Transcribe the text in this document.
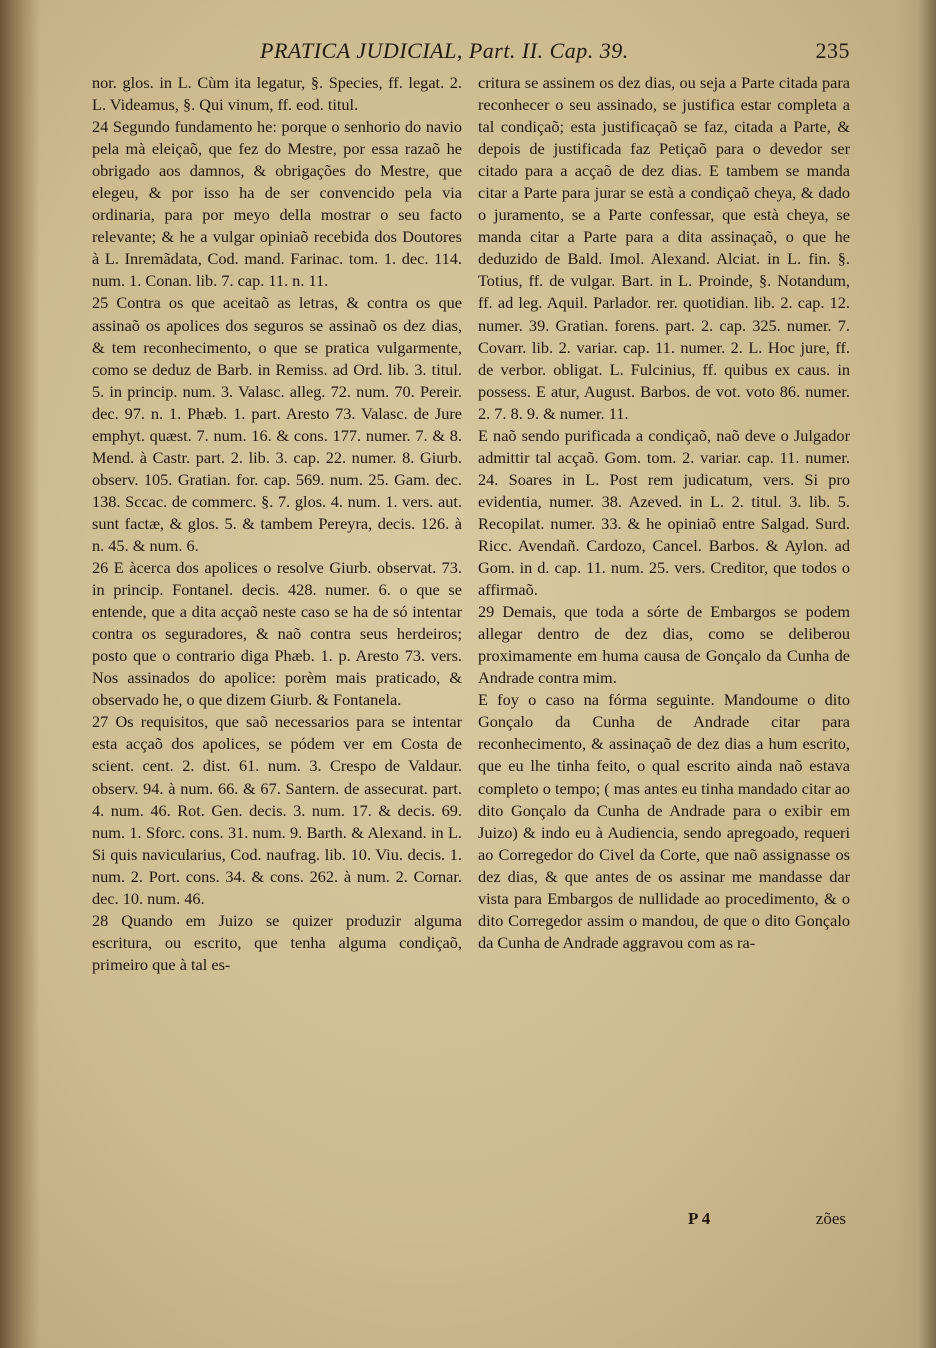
PRATICA JUDICIAL, Part. II. Cap. 39.	235

nor. glos. in L. Cùm ita legatur, §. Species, ff. legat. 2. L. Videamus, §. Qui vinum, ff. eod. titul.

24 Segundo fundamento he: porque o senhorio do navio pela mà eleiçaõ, que fez do Mestre, por essa razaõ he obrigado aos damnos, & obrigações do Mestre, que elegeu, & por isso ha de ser convencido pela via ordinaria, para por meyo della mostrar o seu facto relevante; & he a vulgar opiniaõ recebida dos Doutores à L. Inremãdata, Cod. mand. Farinac. tom. 1. dec. 114. num. 1. Conan. lib. 7. cap. 11. n. 11.

25 Contra os que aceitaõ as letras, & contra os que assinaõ os apolices dos seguros se assinaõ os dez dias, & tem reconhecimento, o que se pratica vulgarmente, como se deduz de Barb. in Remiss. ad Ord. lib. 3. titul. 5. in princip. num. 3. Valasc. alleg. 72. num. 70. Pereir. dec. 97. n. 1. Phæb. 1. part. Aresto 73. Valasc. de Jure emphyt. quæst. 7. num. 16. & cons. 177. numer. 7. & 8. Mend. à Castr. part. 2. lib. 3. cap. 22. numer. 8. Giurb. observ. 105. Gratian. for. cap. 569. num. 25. Gam. dec. 138. Sccac. de commerc. §. 7. glos. 4. num. 1. vers. aut. sunt factæ, & glos. 5. & tambem Pereyra, decis. 126. à n. 45. & num. 6.

26 E àcerca dos apolices o resolve Giurb. observat. 73. in princip. Fontanel. decis. 428. numer. 6. o que se entende, que a dita acçaõ neste caso se ha de só intentar contra os seguradores, & naõ contra seus herdeiros; posto que o contrario diga Phæb. 1. p. Aresto 73. vers. Nos assinados do apolice: porèm mais praticado, & observado he, o que dizem Giurb. & Fontanela.

27 Os requisitos, que saõ necessarios para se intentar esta acçaõ dos apolices, se pódem ver em Costa de scient. cent. 2. dist. 61. num. 3. Crespo de Valdaur. observ. 94. à num. 66. & 67. Santern. de assecurat. part. 4. num. 46. Rot. Gen. decis. 3. num. 17. & decis. 69. num. 1. Sforc. cons. 31. num. 9. Barth. & Alexand. in L. Si quis navicularius, Cod. naufrag. lib. 10. Viu. decis. 1. num. 2. Port. cons. 34. & cons. 262. à num. 2. Cornar. dec. 10. num. 46.

28 Quando em Juizo se quizer produzir alguma escritura, ou escrito, que tenha alguma condiçaõ, primeiro que à tal es-

critura se assinem os dez dias, ou seja a Parte citada para reconhecer o seu assinado, se justifica estar completa a tal condiçaõ; esta justificaçaõ se faz, citada a Parte, & depois de justificada faz Petiçaõ para o devedor ser citado para a acçaõ de dez dias. E tambem se manda citar a Parte para jurar se està a condiçaõ cheya, & dado o juramento, se a Parte confessar, que està cheya, se manda citar a Parte para a dita assinaçaõ, o que he deduzido de Bald. Imol. Alexand. Alciat. in L. fin. §. Totius, ff. de vulgar. Bart. in L. Proinde, §. Notandum, ff. ad leg. Aquil. Parlador. rer. quotidian. lib. 2. cap. 12. numer. 39. Gratian. forens. part. 2. cap. 325. numer. 7. Covarr. lib. 2. variar. cap. 11. numer. 2. L. Hoc jure, ff. de verbor. obligat. L. Fulcinius, ff. quibus ex caus. in possess. E atur, August. Barbos. de vot. voto 86. numer. 2. 7. 8. 9. & numer. 11.

E naõ sendo purificada a condiçaõ, naõ deve o Julgador admittir tal acçaõ. Gom. tom. 2. variar. cap. 11. numer. 24. Soares in L. Post rem judicatum, vers. Si pro evidentia, numer. 38. Azeved. in L. 2. titul. 3. lib. 5. Recopilat. numer. 33. & he opiniaõ entre Salgad. Surd. Ricc. Avendañ. Cardozo, Cancel. Barbos. & Aylon. ad Gom. in d. cap. 11. num. 25. vers. Creditor, que todos o affirmaõ.

29 Demais, que toda a sórte de Embargos se podem allegar dentro de dez dias, como se deliberou proximamente em huma causa de Gonçalo da Cunha de Andrade contra mim.

E foy o caso na fórma seguinte. Mandoume o dito Gonçalo da Cunha de Andrade citar para reconhecimento, & assinaçaõ de dez dias a hum escrito, que eu lhe tinha feito, o qual escrito ainda naõ estava completo o tempo; ( mas antes eu tinha mandado citar ao dito Gonçalo da Cunha de Andrade para o exibir em Juizo) & indo eu à Audiencia, sendo apregoado, requeri ao Corregedor do Civel da Corte, que naõ assignasse os dez dias, & que antes de os assinar me mandasse dar vista para Embargos de nullidade ao procedimento, & o dito Corregedor assim o mandou, de que o dito Gonçalo da Cunha de Andrade aggravou com as ra-

P 4	zões
